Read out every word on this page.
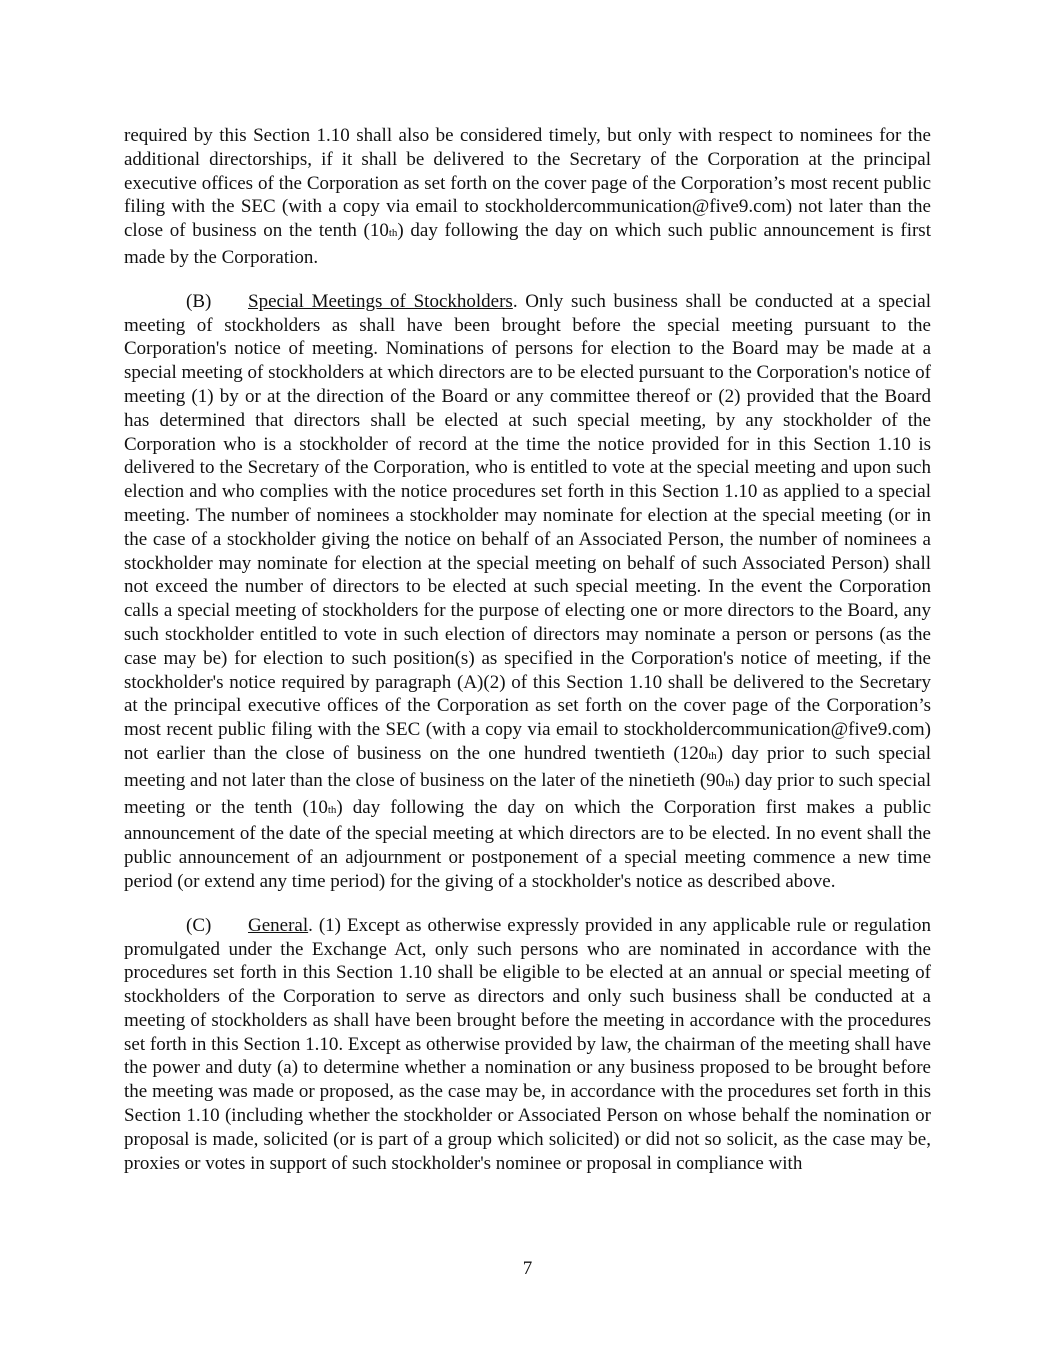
required by this Section 1.10 shall also be considered timely, but only with respect to nominees for the additional directorships, if it shall be delivered to the Secretary of the Corporation at the principal executive offices of the Corporation as set forth on the cover page of the Corporation’s most recent public filing with the SEC (with a copy via email to stockholdercommunication@five9.com) not later than the close of business on the tenth (10th) day following the day on which such public announcement is first made by the Corporation.

(B) Special Meetings of Stockholders. Only such business shall be conducted at a special meeting of stockholders as shall have been brought before the special meeting pursuant to the Corporation's notice of meeting. Nominations of persons for election to the Board may be made at a special meeting of stockholders at which directors are to be elected pursuant to the Corporation's notice of meeting (1) by or at the direction of the Board or any committee thereof or (2) provided that the Board has determined that directors shall be elected at such special meeting, by any stockholder of the Corporation who is a stockholder of record at the time the notice provided for in this Section 1.10 is delivered to the Secretary of the Corporation, who is entitled to vote at the special meeting and upon such election and who complies with the notice procedures set forth in this Section 1.10 as applied to a special meeting. The number of nominees a stockholder may nominate for election at the special meeting (or in the case of a stockholder giving the notice on behalf of an Associated Person, the number of nominees a stockholder may nominate for election at the special meeting on behalf of such Associated Person) shall not exceed the number of directors to be elected at such special meeting. In the event the Corporation calls a special meeting of stockholders for the purpose of electing one or more directors to the Board, any such stockholder entitled to vote in such election of directors may nominate a person or persons (as the case may be) for election to such position(s) as specified in the Corporation's notice of meeting, if the stockholder's notice required by paragraph (A)(2) of this Section 1.10 shall be delivered to the Secretary at the principal executive offices of the Corporation as set forth on the cover page of the Corporation’s most recent public filing with the SEC (with a copy via email to stockholdercommunication@five9.com) not earlier than the close of business on the one hundred twentieth (120th) day prior to such special meeting and not later than the close of business on the later of the ninetieth (90th) day prior to such special meeting or the tenth (10th) day following the day on which the Corporation first makes a public announcement of the date of the special meeting at which directors are to be elected. In no event shall the public announcement of an adjournment or postponement of a special meeting commence a new time period (or extend any time period) for the giving of a stockholder's notice as described above.

(C) General. (1) Except as otherwise expressly provided in any applicable rule or regulation promulgated under the Exchange Act, only such persons who are nominated in accordance with the procedures set forth in this Section 1.10 shall be eligible to be elected at an annual or special meeting of stockholders of the Corporation to serve as directors and only such business shall be conducted at a meeting of stockholders as shall have been brought before the meeting in accordance with the procedures set forth in this Section 1.10. Except as otherwise provided by law, the chairman of the meeting shall have the power and duty (a) to determine whether a nomination or any business proposed to be brought before the meeting was made or proposed, as the case may be, in accordance with the procedures set forth in this Section 1.10 (including whether the stockholder or Associated Person on whose behalf the nomination or proposal is made, solicited (or is part of a group which solicited) or did not so solicit, as the case may be, proxies or votes in support of such stockholder's nominee or proposal in compliance with

7
